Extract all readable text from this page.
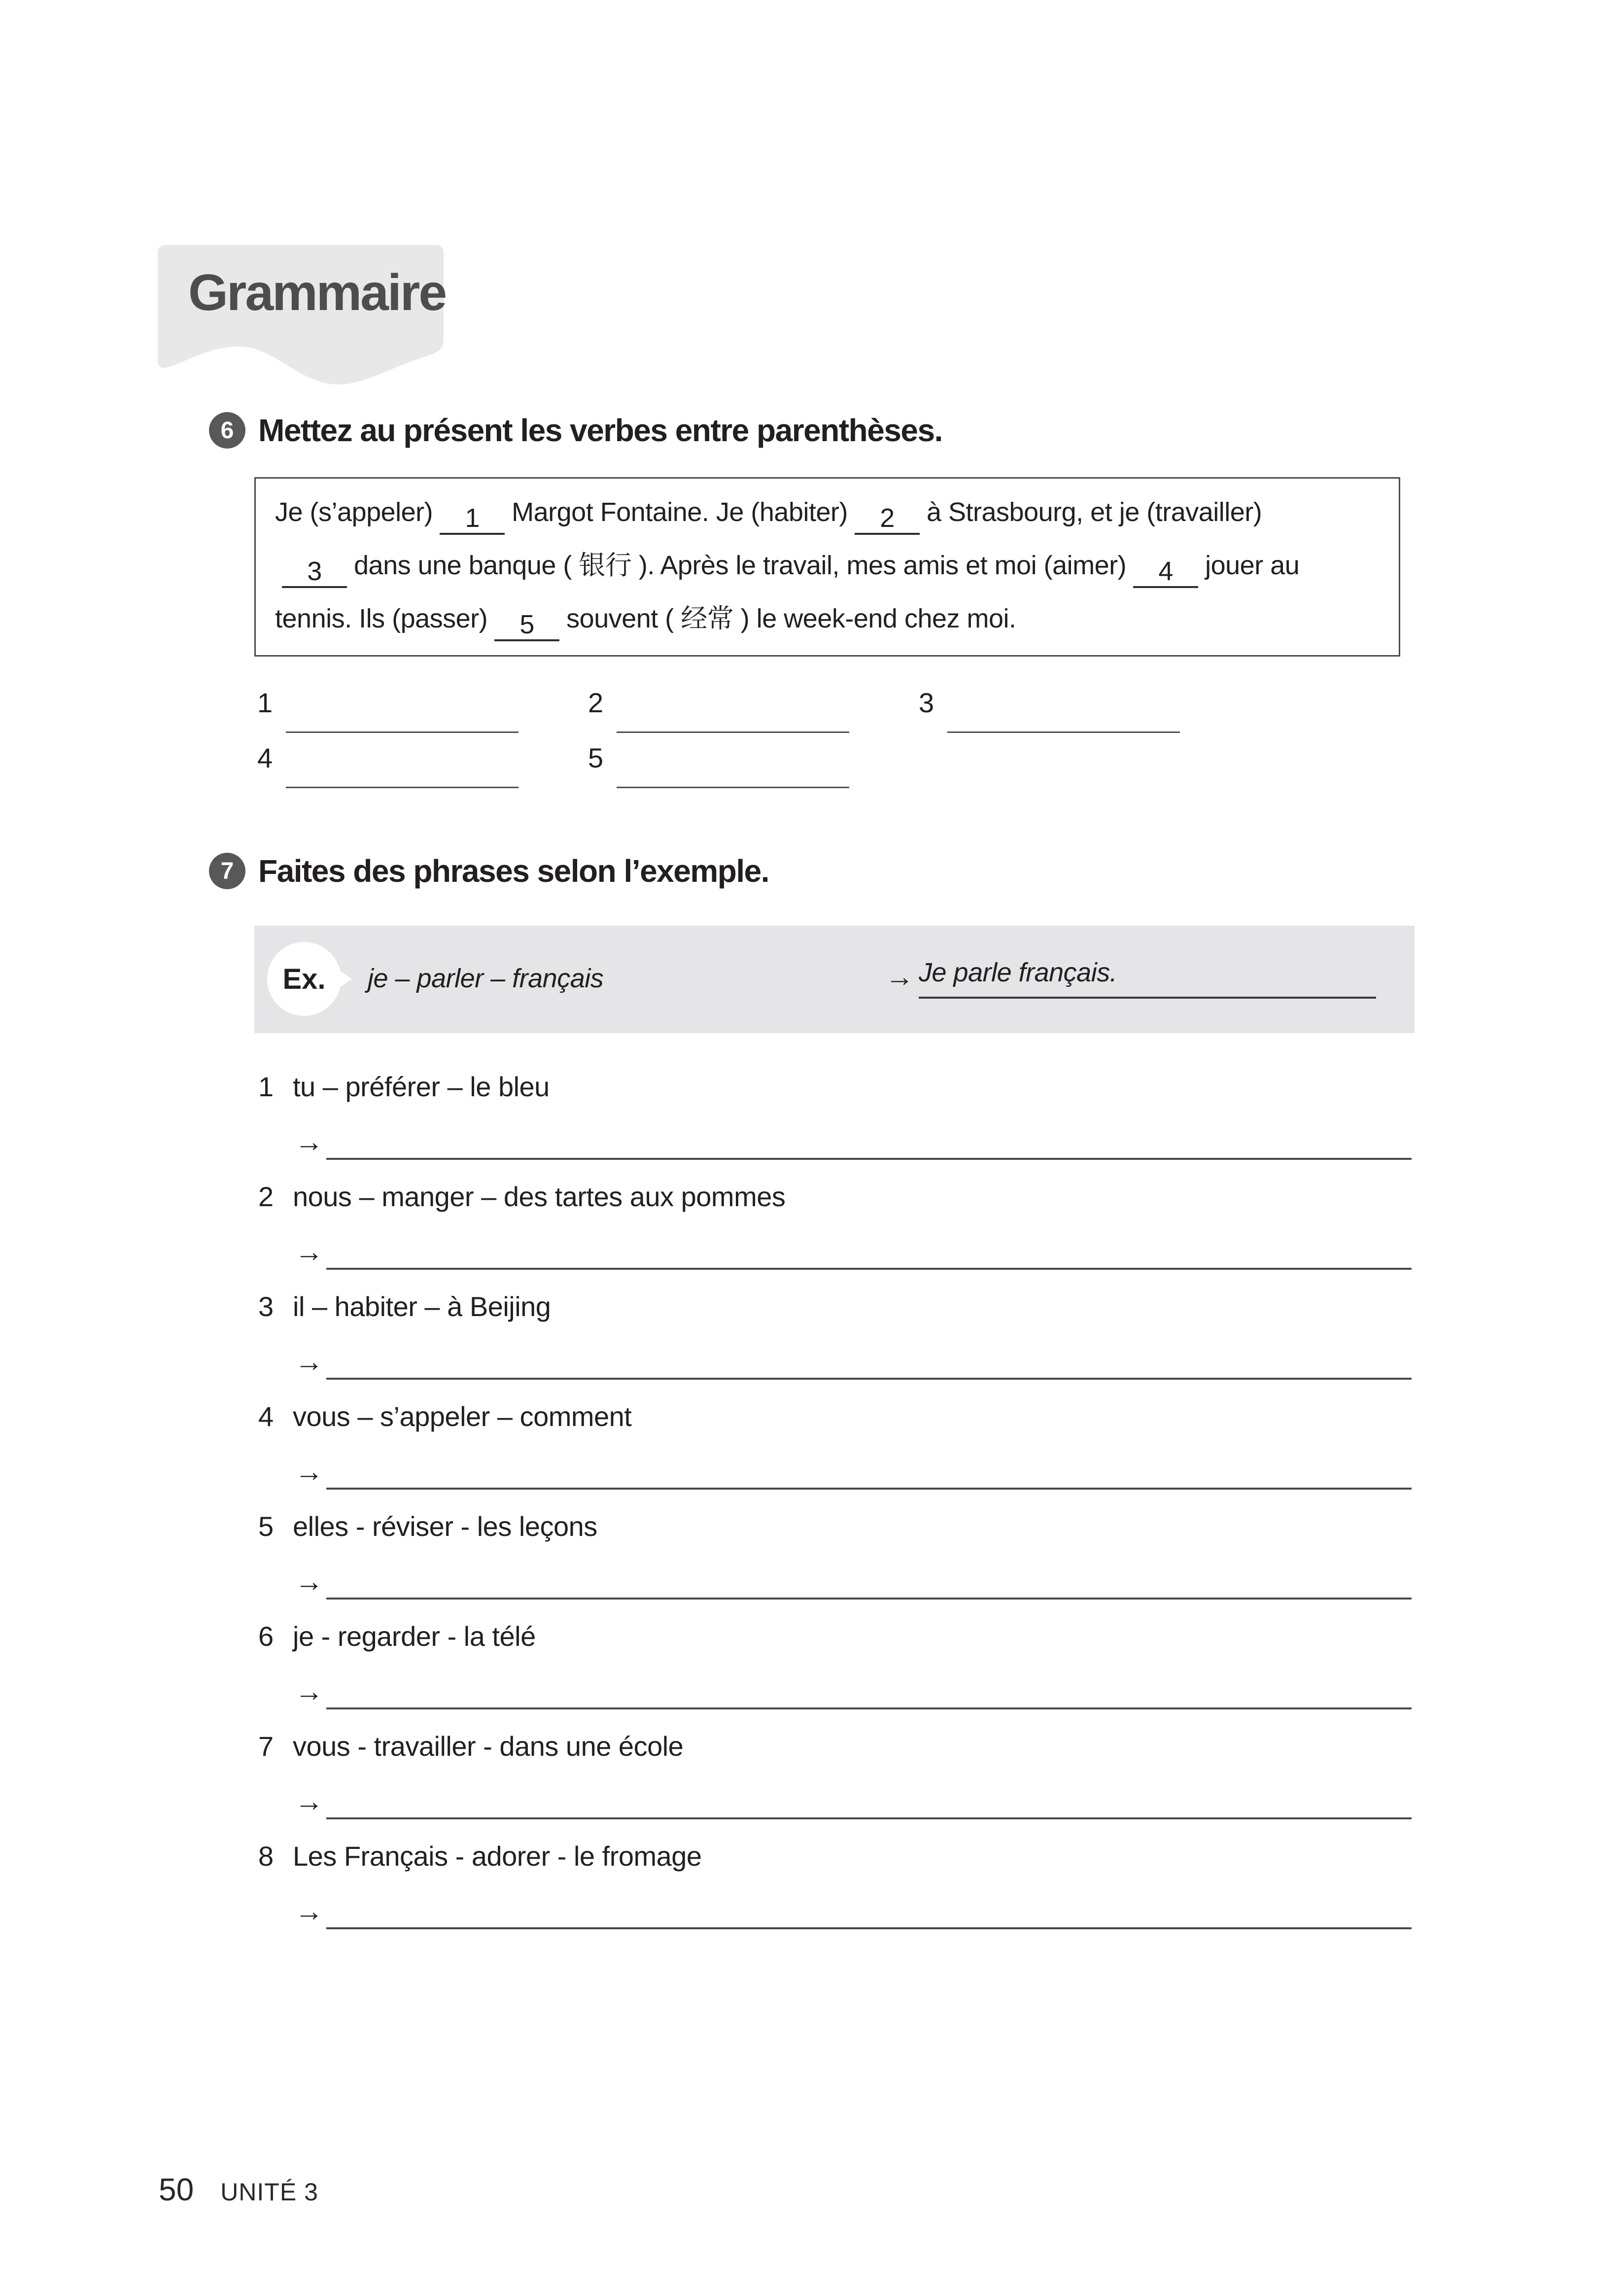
Grammaire
6 Mettez au présent les verbes entre parenthèses.
Je (s’appeler) 1 Margot Fontaine. Je (habiter) 2 à Strasbourg, et je (travailler)
3 dans une banque ( 银行 ). Après le travail, mes amis et moi (aimer) 4 jouer au
tennis. Ils (passer) 5 souvent ( 经常 ) le week-end chez moi.
1	2	3
4	5
7 Faites des phrases selon l’exemple.
Ex.	je – parler – français	→ Je parle français.
1 tu – préférer – le bleu
→
2 nous – manger – des tartes aux pommes
→
3 il – habiter – à Beijing
→
4 vous – s’appeler – comment
→
5 elles - réviser - les leçons
→
6 je - regarder - la télé
→
7 vous - travailler - dans une école
→
8 Les Français - adorer - le fromage
→
50 UNITÉ 3
